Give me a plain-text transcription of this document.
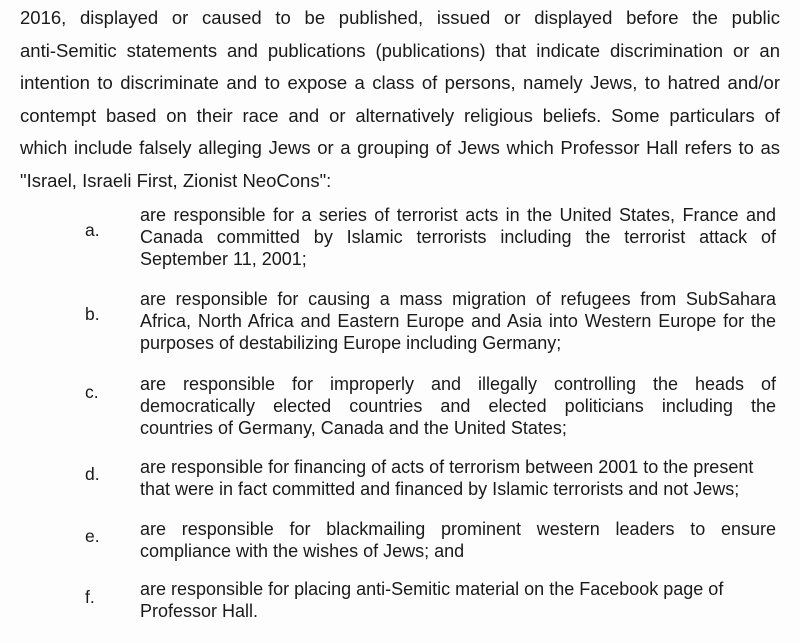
2016, displayed or caused to be published, issued or displayed before the public
anti-Semitic statements and publications (publications) that indicate discrimination or an
intention to discriminate and to expose a class of persons, namely Jews, to hatred and/or
contempt based on their race and or alternatively religious beliefs. Some particulars of
which include falsely alleging Jews or a grouping of Jews which Professor Hall refers to as
"Israel, Israeli First, Zionist NeoCons":
a.
are responsible for a series of terrorist acts in the United States, France and
Canada committed by Islamic terrorists including the terrorist attack of
September 11, 2001;
b.
are responsible for causing a mass migration of refugees from SubSahara
Africa, North Africa and Eastern Europe and Asia into Western Europe for the
purposes of destabilizing Europe including Germany;
c. are responsible for improperly and illegally controlling the heads of
democratically elected countries and elected politicians including the
countries of Germany, Canada and the United States;
d. are responsible for financing of acts of terrorism between 2001 to the present
that were in fact committed and financed by Islamic terrorists and not Jews;
e. are responsible for blackmailing prominent western leaders to ensure
compliance with the wishes of Jews; and
f.	are responsible for placing anti-Semitic material on the Facebook page of
Professor Hall.
